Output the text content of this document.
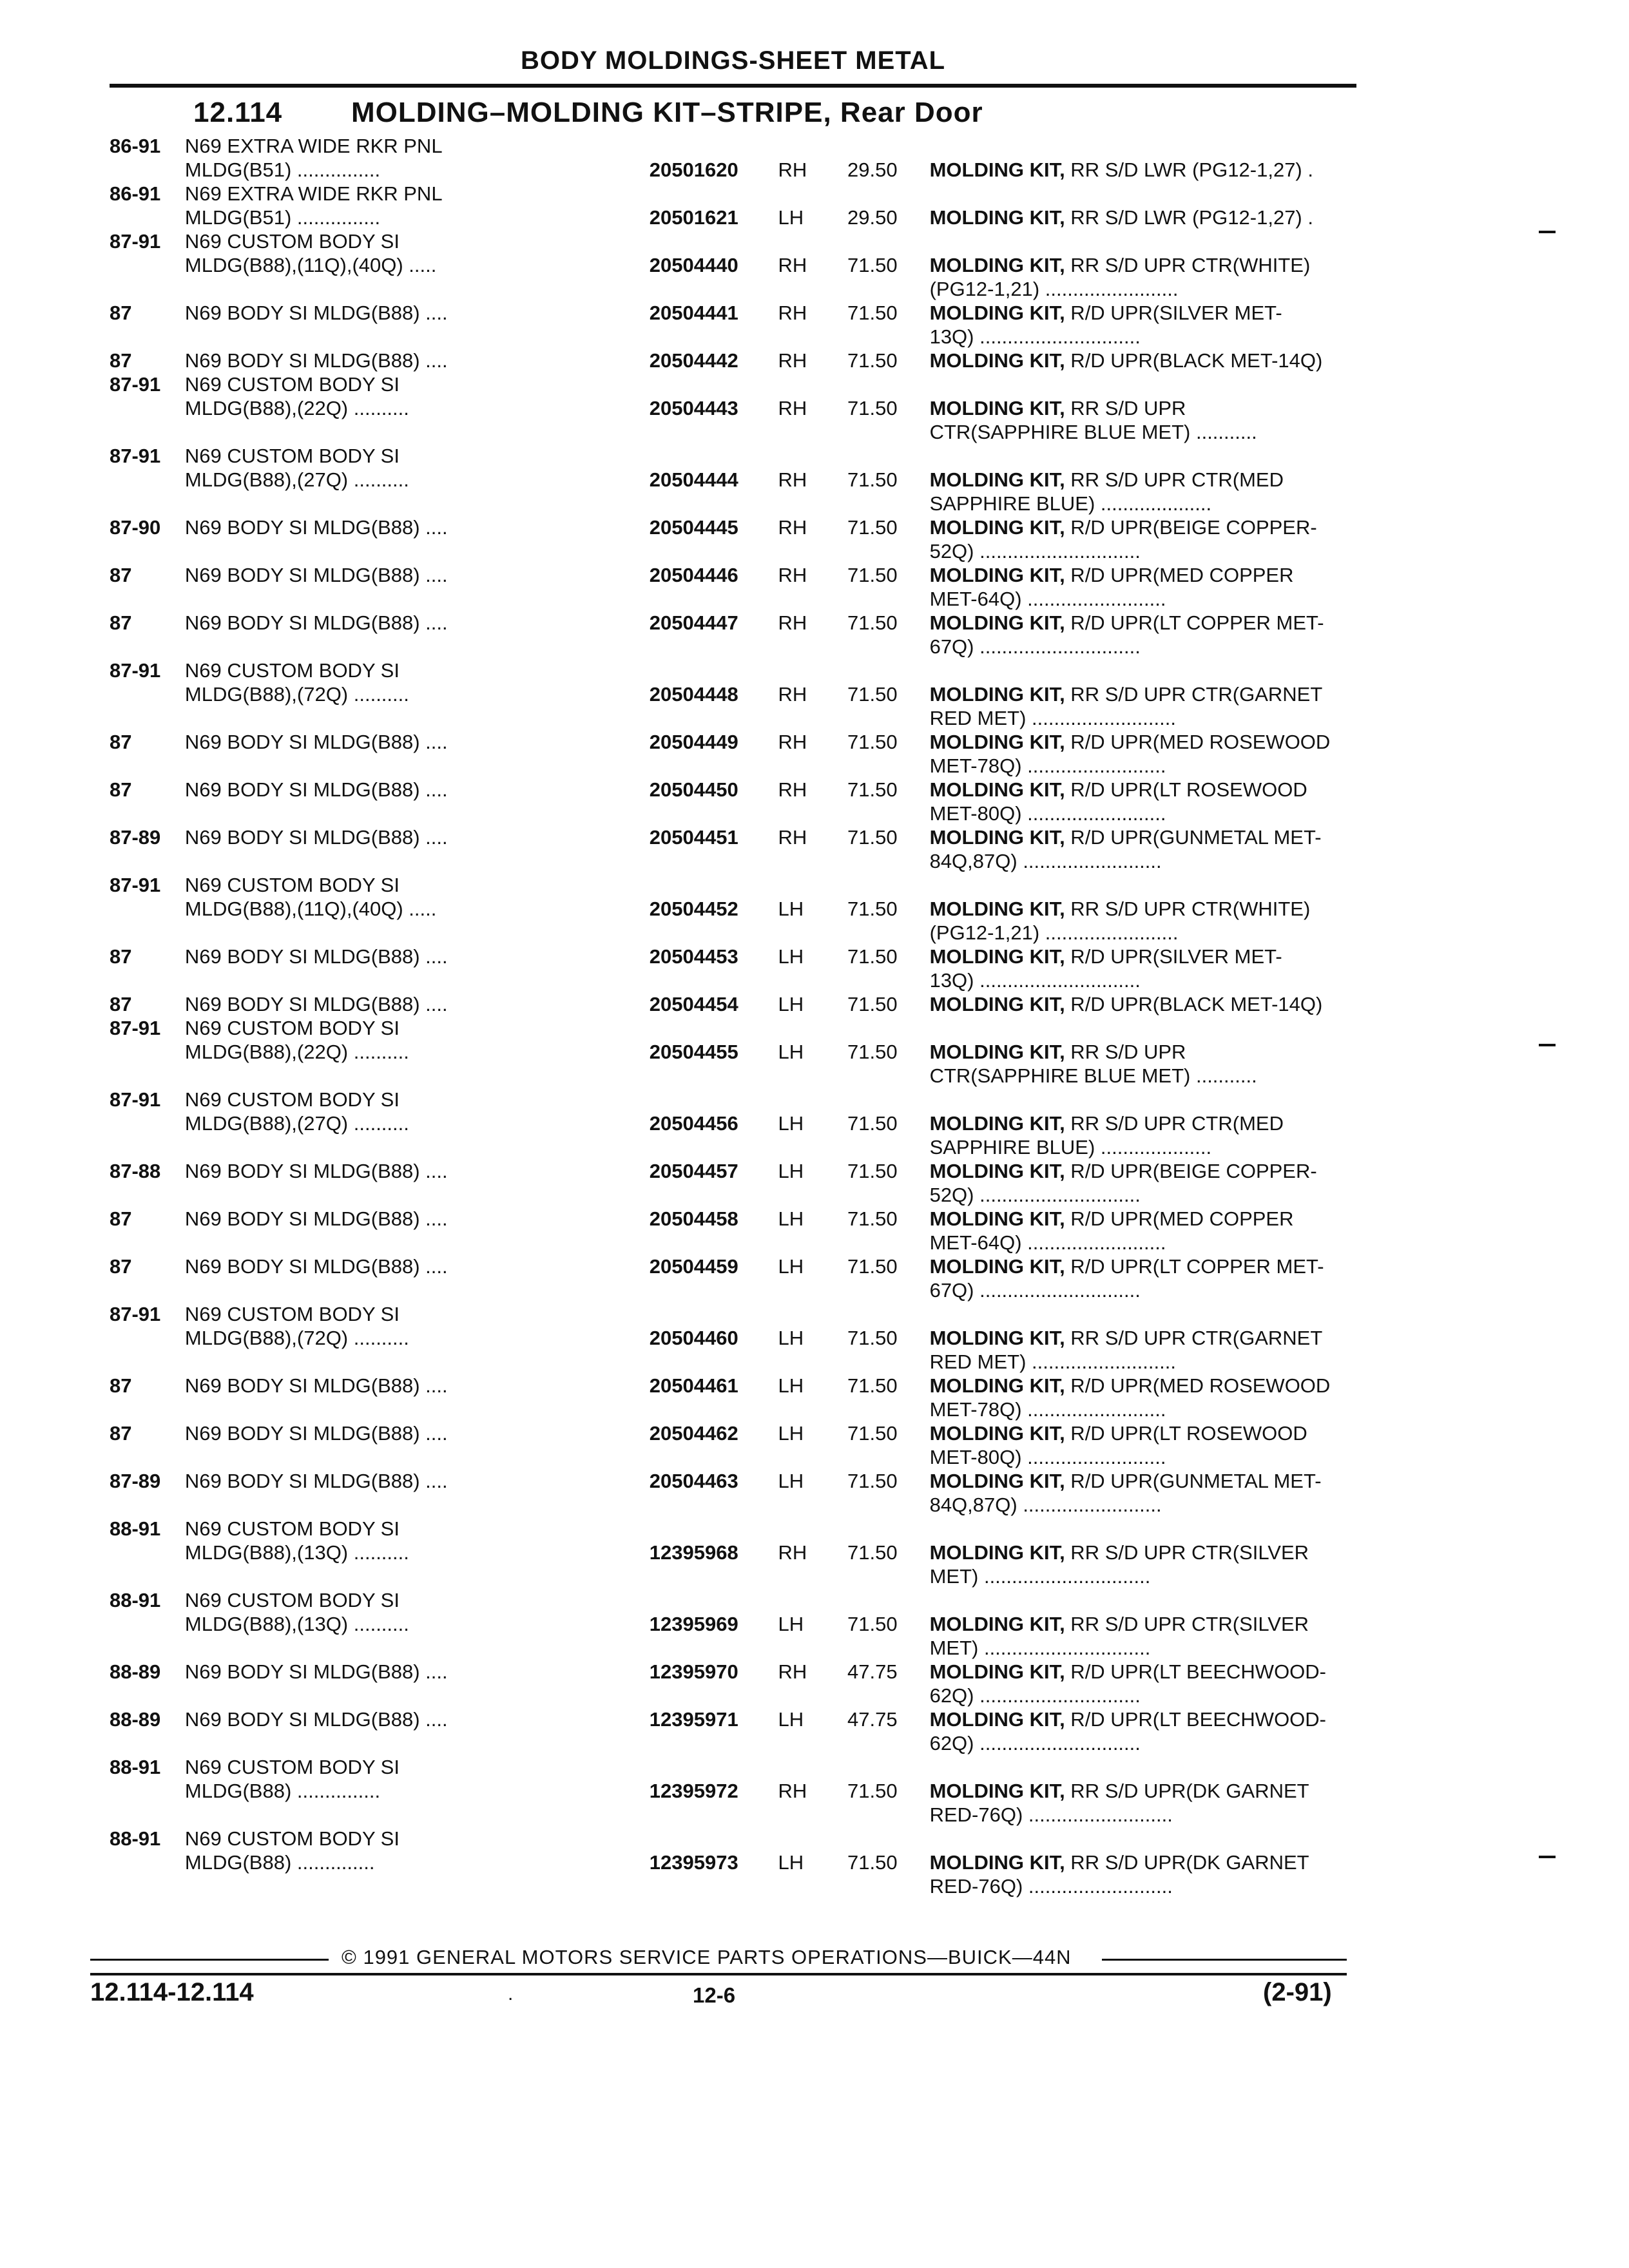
BODY MOLDINGS-SHEET METAL
12.114 MOLDING–MOLDING KIT–STRIPE, Rear Door
86-91	N69 EXTRA WIDE RKR PNL
MLDG(B51) ...............	20501620	RH	29.50	MOLDING KIT, RR S/D LWR (PG12-1,27) .
86-91	N69 EXTRA WIDE RKR PNL
MLDG(B51) ...............	20501621	LH	29.50	MOLDING KIT, RR S/D LWR (PG12-1,27) .
87-91	N69 CUSTOM BODY SI
MLDG(B88),(11Q),(40Q) .....	20504440	RH	71.50	MOLDING KIT, RR S/D UPR CTR(WHITE)
(PG12-1,21) ........................
87	N69 BODY SI MLDG(B88) ....	20504441	RH	71.50	MOLDING KIT, R/D UPR(SILVER MET-
13Q) .............................
87	N69 BODY SI MLDG(B88) ....	20504442	RH	71.50	MOLDING KIT, R/D UPR(BLACK MET-14Q)
87-91	N69 CUSTOM BODY SI
MLDG(B88),(22Q) ..........	20504443	RH	71.50	MOLDING KIT, RR S/D UPR
CTR(SAPPHIRE BLUE MET) ...........
87-91	N69 CUSTOM BODY SI
MLDG(B88),(27Q) ..........	20504444	RH	71.50	MOLDING KIT, RR S/D UPR CTR(MED
SAPPHIRE BLUE) ....................
87-90	N69 BODY SI MLDG(B88) ....	20504445	RH	71.50	MOLDING KIT, R/D UPR(BEIGE COPPER-
52Q) .............................
87	N69 BODY SI MLDG(B88) ....	20504446	RH	71.50	MOLDING KIT, R/D UPR(MED COPPER
MET-64Q) .........................
87	N69 BODY SI MLDG(B88) ....	20504447	RH	71.50	MOLDING KIT, R/D UPR(LT COPPER MET-
67Q) .............................
87-91	N69 CUSTOM BODY SI
MLDG(B88),(72Q) ..........	20504448	RH	71.50	MOLDING KIT, RR S/D UPR CTR(GARNET
RED MET) ..........................
87	N69 BODY SI MLDG(B88) ....	20504449	RH	71.50	MOLDING KIT, R/D UPR(MED ROSEWOOD
MET-78Q) .........................
87	N69 BODY SI MLDG(B88) ....	20504450	RH	71.50	MOLDING KIT, R/D UPR(LT ROSEWOOD
MET-80Q) .........................
87-89	N69 BODY SI MLDG(B88) ....	20504451	RH	71.50	MOLDING KIT, R/D UPR(GUNMETAL MET-
84Q,87Q) .........................
87-91	N69 CUSTOM BODY SI
MLDG(B88),(11Q),(40Q) .....	20504452	LH	71.50	MOLDING KIT, RR S/D UPR CTR(WHITE)
(PG12-1,21) ........................
87	N69 BODY SI MLDG(B88) ....	20504453	LH	71.50	MOLDING KIT, R/D UPR(SILVER MET-
13Q) .............................
87	N69 BODY SI MLDG(B88) ....	20504454	LH	71.50	MOLDING KIT, R/D UPR(BLACK MET-14Q)
87-91	N69 CUSTOM BODY SI
MLDG(B88),(22Q) ..........	20504455	LH	71.50	MOLDING KIT, RR S/D UPR
CTR(SAPPHIRE BLUE MET) ...........
87-91	N69 CUSTOM BODY SI
MLDG(B88),(27Q) ..........	20504456	LH	71.50	MOLDING KIT, RR S/D UPR CTR(MED
SAPPHIRE BLUE) ....................
87-88	N69 BODY SI MLDG(B88) ....	20504457	LH	71.50	MOLDING KIT, R/D UPR(BEIGE COPPER-
52Q) .............................
87	N69 BODY SI MLDG(B88) ....	20504458	LH	71.50	MOLDING KIT, R/D UPR(MED COPPER
MET-64Q) .........................
87	N69 BODY SI MLDG(B88) ....	20504459	LH	71.50	MOLDING KIT, R/D UPR(LT COPPER MET-
67Q) .............................
87-91	N69 CUSTOM BODY SI
MLDG(B88),(72Q) ..........	20504460	LH	71.50	MOLDING KIT, RR S/D UPR CTR(GARNET
RED MET) ..........................
87	N69 BODY SI MLDG(B88) ....	20504461	LH	71.50	MOLDING KIT, R/D UPR(MED ROSEWOOD
MET-78Q) .........................
87	N69 BODY SI MLDG(B88) ....	20504462	LH	71.50	MOLDING KIT, R/D UPR(LT ROSEWOOD
MET-80Q) .........................
87-89	N69 BODY SI MLDG(B88) ....	20504463	LH	71.50	MOLDING KIT, R/D UPR(GUNMETAL MET-
84Q,87Q) .........................
88-91	N69 CUSTOM BODY SI
MLDG(B88),(13Q) ..........	12395968	RH	71.50	MOLDING KIT, RR S/D UPR CTR(SILVER
MET) ..............................
88-91	N69 CUSTOM BODY SI
MLDG(B88),(13Q) ..........	12395969	LH	71.50	MOLDING KIT, RR S/D UPR CTR(SILVER
MET) ..............................
88-89	N69 BODY SI MLDG(B88) ....	12395970	RH	47.75	MOLDING KIT, R/D UPR(LT BEECHWOOD-
62Q) .............................
88-89	N69 BODY SI MLDG(B88) ....	12395971	LH	47.75	MOLDING KIT, R/D UPR(LT BEECHWOOD-
62Q) .............................
88-91	N69 CUSTOM BODY SI
MLDG(B88) ...............	12395972	RH	71.50	MOLDING KIT, RR S/D UPR(DK GARNET
RED-76Q) ..........................
88-91	N69 CUSTOM BODY SI
MLDG(B88) ..............	12395973	LH	71.50	MOLDING KIT, RR S/D UPR(DK GARNET
RED-76Q) ..........................
© 1991 GENERAL MOTORS SERVICE PARTS OPERATIONS—BUICK—44N
12.114-12.114	.	12-6	(2-91)
